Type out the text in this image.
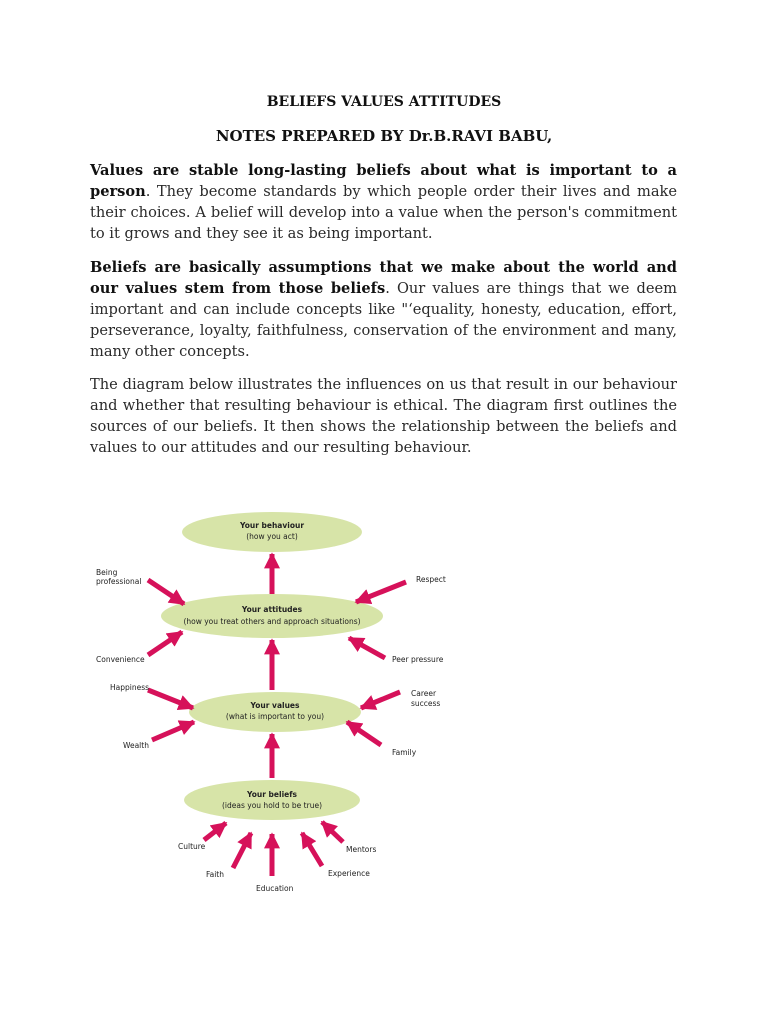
BELIEFS VALUES ATTITUDES
NOTES PREPARED BY Dr.B.RAVI BABU,
Values are stable long-lasting beliefs about what is important to a person. They become standards by which people order their lives and make their choices. A belief will develop into a value when the person's commitment to it grows and they see it as being important.
Beliefs are basically assumptions that we make about the world and our values stem from those beliefs. Our values are things that we deem important and can include concepts like "‘equality, honesty, education, effort, perseverance, loyalty, faithfulness, conservation of the environment and many, many other concepts.
The diagram below illustrates the influences on us that result in our behaviour and whether that resulting behaviour is ethical. The diagram first outlines the sources of our beliefs. It then shows the relationship between the beliefs and values to our attitudes and our resulting behaviour.
Your behaviour
(how you act)
Your attitudes
(how you treat others and approach situations)
Your values
(what is important to you)
Your beliefs
(ideas you hold to be true)
Being
professional	Respect
Convenience	Peer pressure
Happiness
Career
success
Wealth
Family
Culture
Faith
Education
Experience
Mentors
